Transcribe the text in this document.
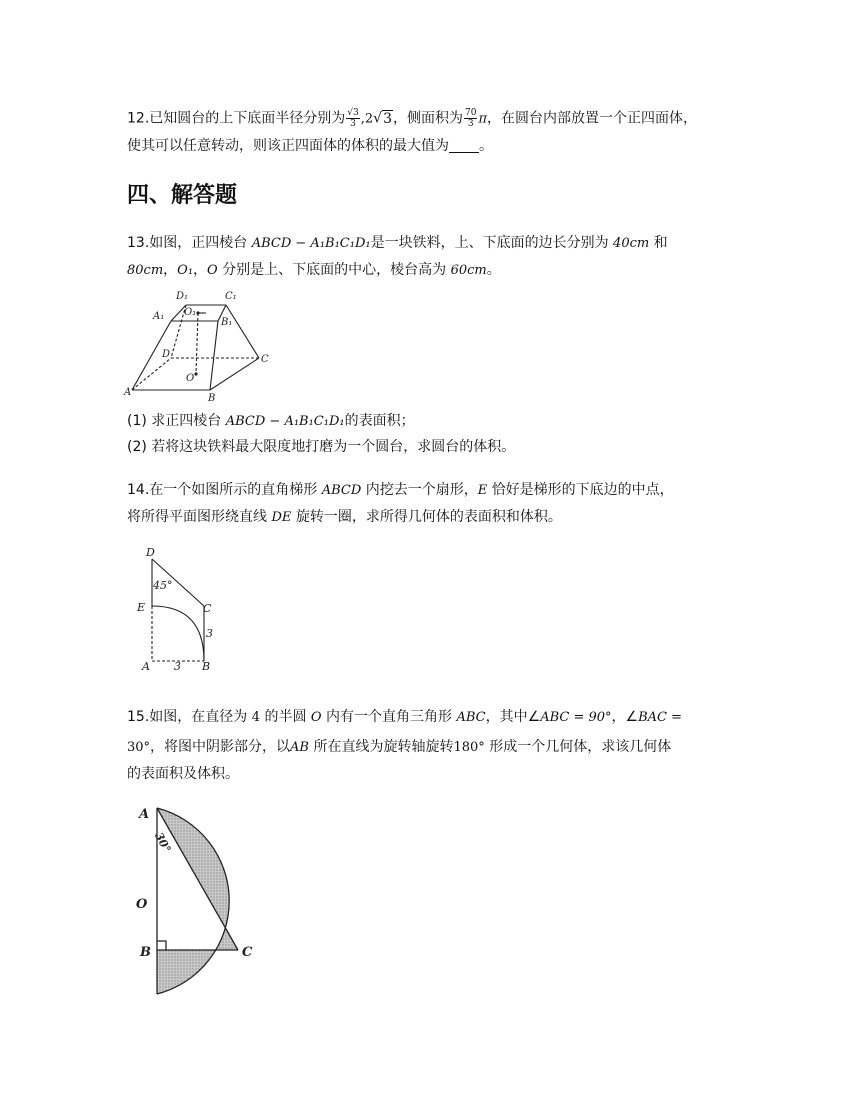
12.已知圆台的上下底面半径分别为 $\frac{√3}{3} ,2√3$，侧面积为 $\frac{70}{3}$ π，在圆台内部放置一个正四面体，
使其可以任意转动，则该正四面体的体积的最大值为 。
四、解答题
13.如图，正四棱台 ABCD − A₁B₁C₁D₁是一块铁料，上、下底面的边长分别为 40cm 和
80cm，O₁，O 分别是上、下底面的中心，棱台高为 60cm。
D₁	C₁
A₁
B₁
O₁
D	C
O
A
B
(1) 求正四棱台 ABCD − A₁B₁C₁D₁的表面积；
(2) 若将这块铁料最大限度地打磨为一个圆台，求圆台的体积。
14.在一个如图所示的直角梯形 ABCD 内挖去一个扇形，E 恰好是梯形的下底边的中点，
将所得平面图形绕直线 DE 旋转一圈，求所得几何体的表面积和体积。
D
45°
E	C
3
A 3 B
15.如图，在直径为 4 的半圆 O 内有一个直角三角形 ABC，其中∠ABC = 90°，∠BAC =
30°，将图中阴影部分，以AB 所在直线为旋转轴旋转180° 形成一个几何体，求该几何体
的表面积及体积。
A
30°
O
B	C
